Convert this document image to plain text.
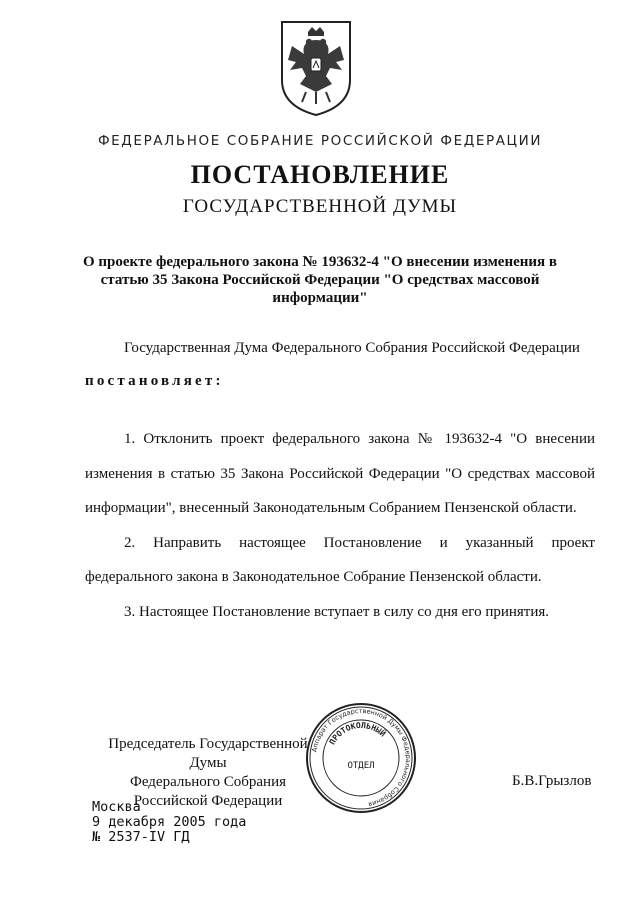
ФЕДЕРАЛЬНОЕ СОБРАНИЕ РОССИЙСКОЙ ФЕДЕРАЦИИ
ПОСТАНОВЛЕНИЕ
ГОСУДАРСТВЕННОЙ ДУМЫ
О проекте федерального закона № 193632-4 "О внесении изменения в статью 35 Закона Российской Федерации "О средствах массовой информации"
Государственная Дума Федерального Собрания Российской Федерации
постановляет:

1. Отклонить проект федерального закона № 193632-4 "О внесении изменения в статью 35 Закона Российской Федерации "О средствах массовой информации", внесенный Законодательным Собранием Пензенской области.

2. Направить настоящее Постановление и указанный проект федерального закона в Законодательное Собрание Пензенской области.

3. Настоящее Постановление вступает в силу со дня его принятия.

Председатель Государственной Думы
Федерального Собрания
Российской Федерации
Аппарат Государственной Думы Федерального Собрания
ПРОТОКОЛЬНЫЙ
ОТДЕЛ
Б.В.Грызлов
Москва
9 декабря 2005 года
№ 2537-IV ГД
